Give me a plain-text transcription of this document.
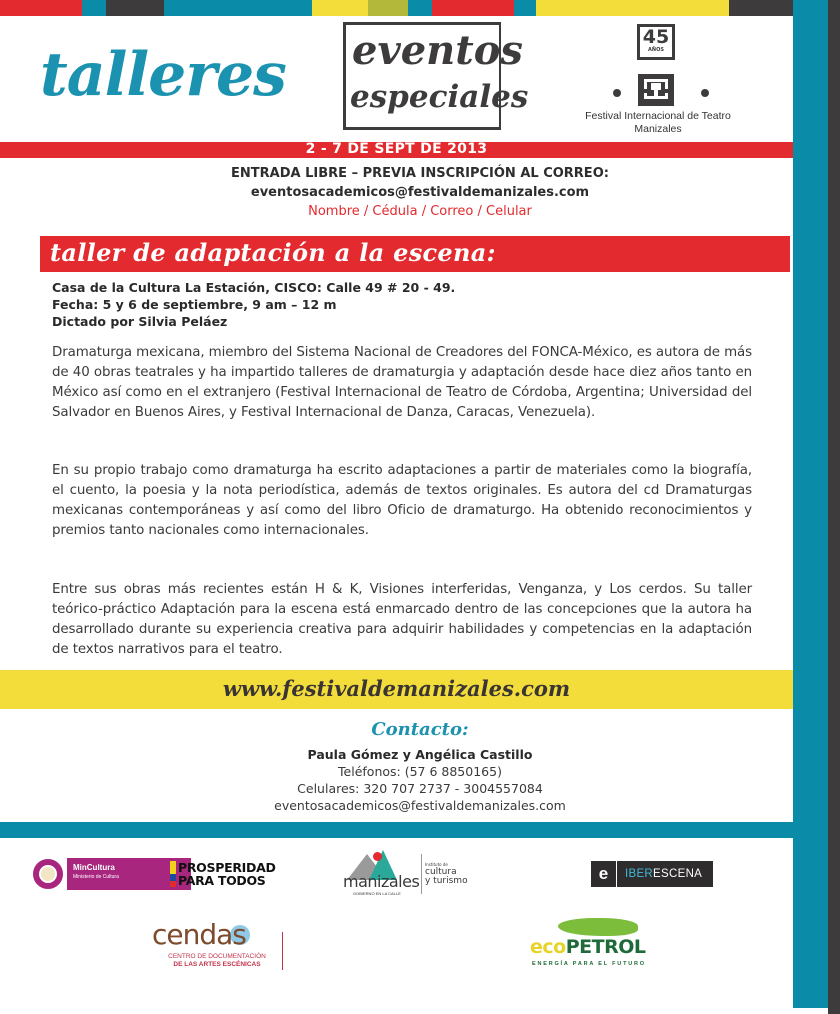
talleres eventos
especiales
45
AÑOS
Festival Internacional de Teatro Manizales
2 - 7 DE SEPT DE 2013
ENTRADA LIBRE – PREVIA INSCRIPCIÓN AL CORREO:
eventosacademicos@festivaldemanizales.com
Nombre / Cédula / Correo / Celular
taller de adaptación a la escena:
Casa de la Cultura La Estación, CISCO: Calle 49 # 20 - 49.
Fecha: 5 y 6 de septiembre, 9 am – 12 m
Dictado por Silvia Peláez
Dramaturga mexicana, miembro del Sistema Nacional de Creadores del FONCA-México, es autora de más de 40 obras teatrales y ha impartido talleres de dramaturgia y adaptación desde hace diez años tanto en México así como en el extranjero (Festival Internacional de Teatro de Córdoba, Argentina; Universidad del Salvador en Buenos Aires, y Festival Internacional de Danza, Caracas, Venezuela).
En su propio trabajo como dramaturga ha escrito adaptaciones a partir de materiales como la biografía, el cuento, la poesia y la nota periodística, además de textos originales. Es autora del cd Dramaturgas mexicanas contemporáneas y así como del libro Oficio de dramaturgo. Ha obtenido reconocimientos y premios tanto nacionales como internacionales.
Entre sus obras más recientes están H & K, Visiones interferidas, Venganza, y Los cerdos. Su taller teórico-práctico Adaptación para la escena está enmarcado dentro de las concepciones que la autora ha desarrollado durante su experiencia creativa para adquirir habilidades y competencias en la adaptación de textos narrativos para el teatro.
www.festivaldemanizales.com
Contacto:
Paula Gómez y Angélica Castillo
Teléfonos: (57 6 8850165)
Celulares: 320 707 2737 - 3004557084
eventosacademicos@festivaldemanizales.com
MinCultura
Ministerio de Cultura
PROSPERIDAD
PARA TODOS	manizales
GOBIERNO EN LA CALLE
Instituto de
cultura
y turismo	e	IBERESCENA
cendas
CENTRO DE DOCUMENTACIÓN
DE LAS ARTES ESCÉNICAS
ecoPETROL
ENERGÍA PARA EL FUTURO
